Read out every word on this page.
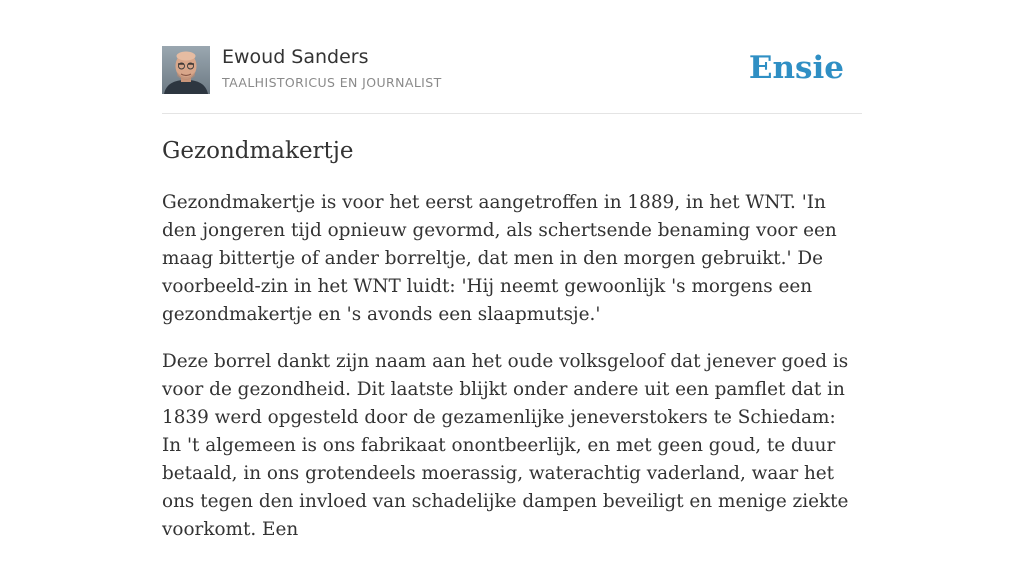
Ewoud Sanders
TAALHISTORICUS EN JOURNALIST	Ensie
Gezondmakertje

Gezondmakertje is voor het eerst aangetroffen in 1889, in het WNT. 'In den jongeren tijd opnieuw gevormd, als schertsende benaming voor een maag bittertje of ander borreltje, dat men in den morgen gebruikt.' De voorbeeld-zin in het WNT luidt: 'Hij neemt gewoonlijk 's morgens een gezondmakertje en 's avonds een slaapmutsje.'

Deze borrel dankt zijn naam aan het oude volksgeloof dat jenever goed is voor de gezondheid. Dit laatste blijkt onder andere uit een pamflet dat in 1839 werd opgesteld door de gezamenlijke jeneverstokers te Schiedam:

In 't algemeen is ons fabrikaat onontbeerlijk, en met geen goud, te duur betaald, in ons grotendeels moerassig, waterachtig vaderland, waar het ons tegen den invloed van schadelijke dampen beveiligt en menige ziekte voorkomt. Een
